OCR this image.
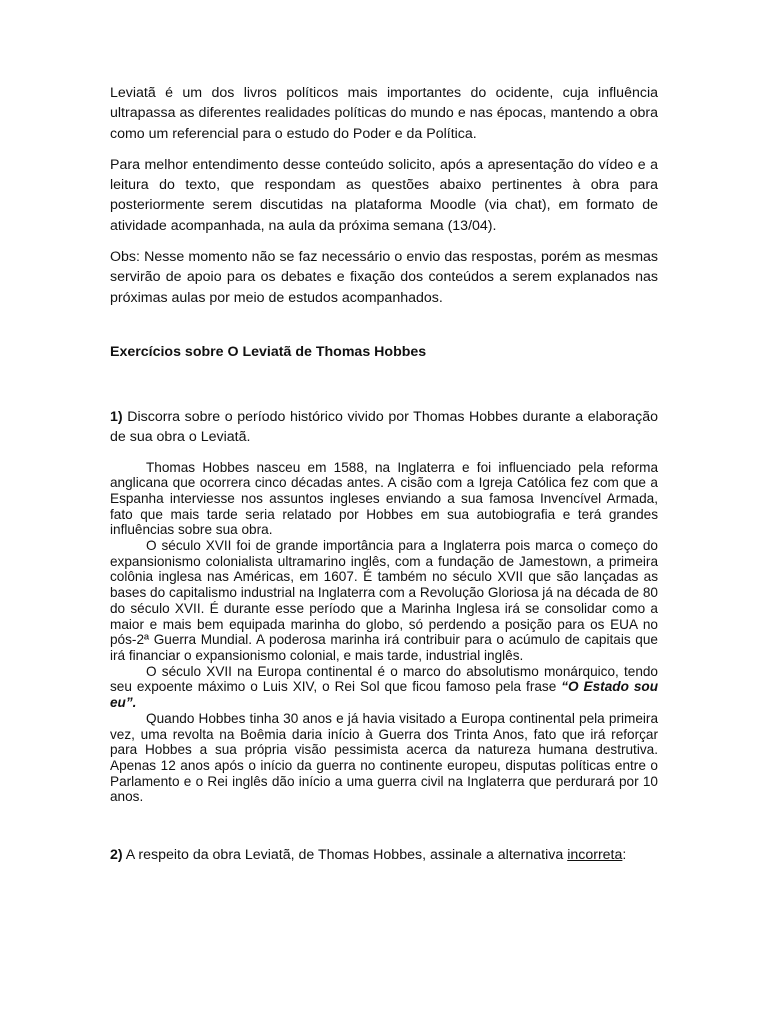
Leviatã é um dos livros políticos mais importantes do ocidente, cuja influência ultrapassa as diferentes realidades políticas do mundo e nas épocas, mantendo a obra como um referencial para o estudo do Poder e da Política.

Para melhor entendimento desse conteúdo solicito, após a apresentação do vídeo e a leitura do texto, que respondam as questões abaixo pertinentes à obra para posteriormente serem discutidas na plataforma Moodle (via chat), em formato de atividade acompanhada, na aula da próxima semana (13/04).

Obs: Nesse momento não se faz necessário o envio das respostas, porém as mesmas servirão de apoio para os debates e fixação dos conteúdos a serem explanados nas próximas aulas por meio de estudos acompanhados.

Exercícios sobre O Leviatã de Thomas Hobbes

1) Discorra sobre o período histórico vivido por Thomas Hobbes durante a elaboração de sua obra o Leviatã.

Thomas Hobbes nasceu em 1588, na Inglaterra e foi influenciado pela reforma anglicana que ocorrera cinco décadas antes. A cisão com a Igreja Católica fez com que a Espanha interviesse nos assuntos ingleses enviando a sua famosa Invencível Armada, fato que mais tarde seria relatado por Hobbes em sua autobiografia e terá grandes influências sobre sua obra.

O século XVII foi de grande importância para a Inglaterra pois marca o começo do expansionismo colonialista ultramarino inglês, com a fundação de Jamestown, a primeira colônia inglesa nas Américas, em 1607. É também no século XVII que são lançadas as bases do capitalismo industrial na Inglaterra com a Revolução Gloriosa já na década de 80 do século XVII. É durante esse período que a Marinha Inglesa irá se consolidar como a maior e mais bem equipada marinha do globo, só perdendo a posição para os EUA no pós-2ª Guerra Mundial. A poderosa marinha irá contribuir para o acúmulo de capitais que irá financiar o expansionismo colonial, e mais tarde, industrial inglês.

O século XVII na Europa continental é o marco do absolutismo monárquico, tendo seu expoente máximo o Luis XIV, o Rei Sol que ficou famoso pela frase “O Estado sou eu”.

Quando Hobbes tinha 30 anos e já havia visitado a Europa continental pela primeira vez, uma revolta na Boêmia daria início à Guerra dos Trinta Anos, fato que irá reforçar para Hobbes a sua própria visão pessimista acerca da natureza humana destrutiva. Apenas 12 anos após o início da guerra no continente europeu, disputas políticas entre o Parlamento e o Rei inglês dão início a uma guerra civil na Inglaterra que perdurará por 10 anos.

2) A respeito da obra Leviatã, de Thomas Hobbes, assinale a alternativa incorreta:
